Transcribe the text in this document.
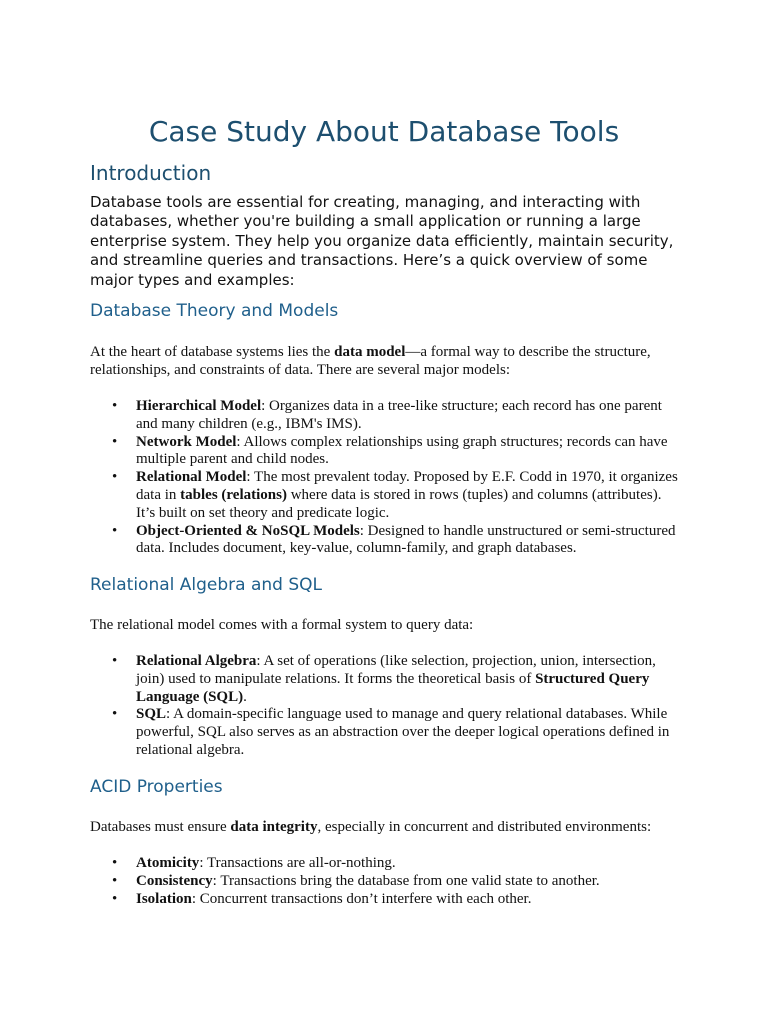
Case Study About Database Tools
Introduction

Database tools are essential for creating, managing, and interacting with databases, whether you're building a small application or running a large enterprise system. They help you organize data efficiently, maintain security, and streamline queries and transactions. Here’s a quick overview of some major types and examples:

Database Theory and Models

At the heart of database systems lies the data model—a formal way to describe the structure, relationships, and constraints of data. There are several major models:

• Hierarchical Model: Organizes data in a tree-like structure; each record has one parent and many children (e.g., IBM's IMS).
• Network Model: Allows complex relationships using graph structures; records can have multiple parent and child nodes.
• Relational Model: The most prevalent today. Proposed by E.F. Codd in 1970, it organizes data in tables (relations) where data is stored in rows (tuples) and columns (attributes). It’s built on set theory and predicate logic.
• Object-Oriented & NoSQL Models: Designed to handle unstructured or semi-structured data. Includes document, key-value, column-family, and graph databases.
Relational Algebra and SQL

The relational model comes with a formal system to query data:

• Relational Algebra: A set of operations (like selection, projection, union, intersection, join) used to manipulate relations. It forms the theoretical basis of Structured Query Language (SQL).
• SQL: A domain-specific language used to manage and query relational databases. While powerful, SQL also serves as an abstraction over the deeper logical operations defined in relational algebra.
ACID Properties

Databases must ensure data integrity, especially in concurrent and distributed environments:

• Atomicity: Transactions are all-or-nothing.
• Consistency: Transactions bring the database from one valid state to another.
• Isolation: Concurrent transactions don’t interfere with each other.
